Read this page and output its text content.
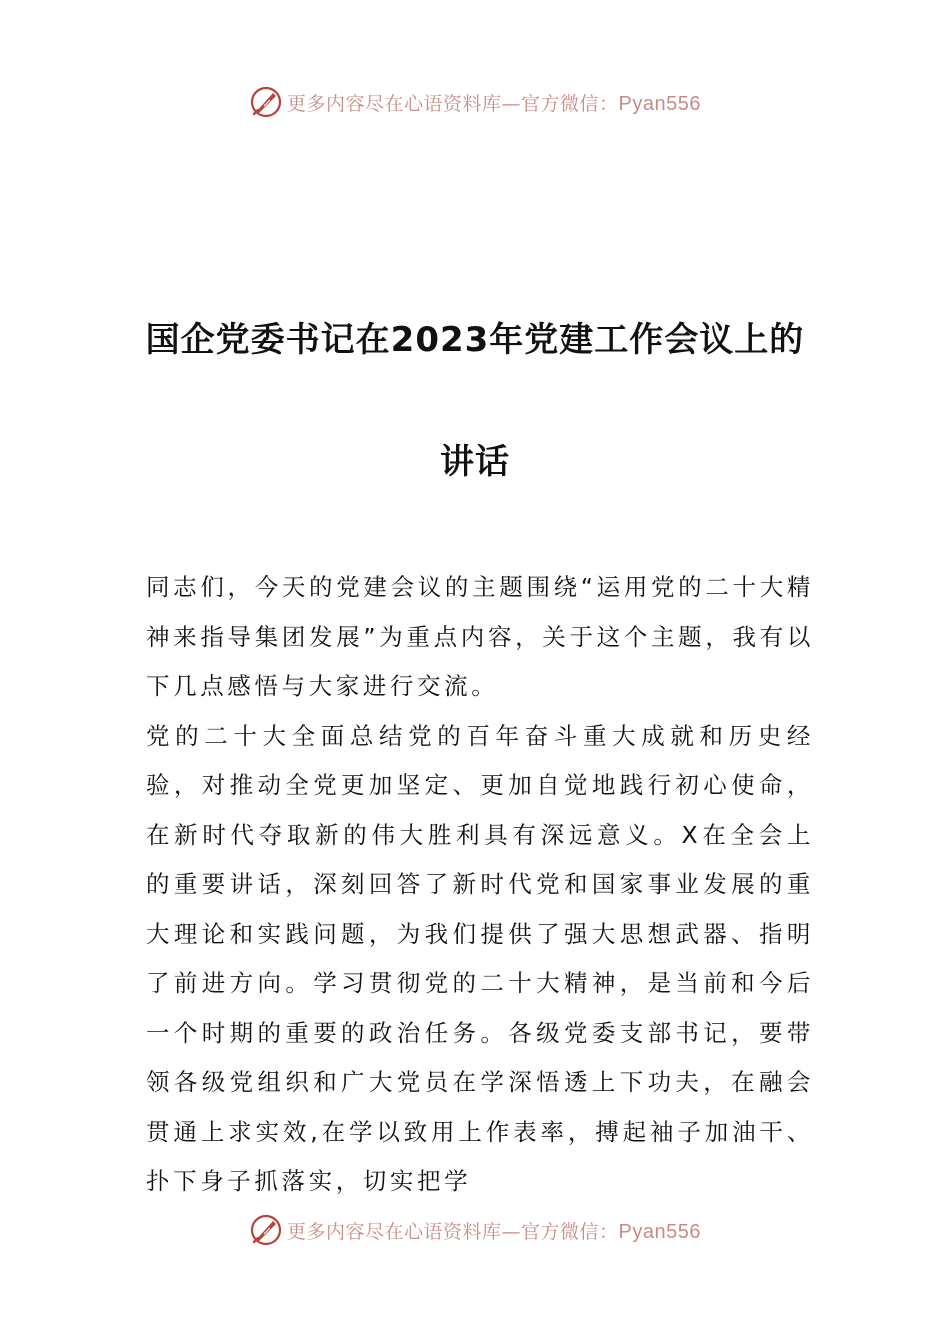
更多内容尽在心语资料库—官方微信：Pyan556
国企党委书记在2023年党建工作会议上的
讲话

同志们，今天的党建会议的主题围绕“运用党的二十大精神来指导集团发展”为重点内容，关于这个主题，我有以下几点感悟与大家进行交流。

党的二十大全面总结党的百年奋斗重大成就和历史经验，对推动全党更加坚定、更加自觉地践行初心使命，在新时代夺取新的伟大胜利具有深远意义。X在全会上的重要讲话，深刻回答了新时代党和国家事业发展的重大理论和实践问题，为我们提供了强大思想武器、指明了前进方向。学习贯彻党的二十大精神，是当前和今后一个时期的重要的政治任务。各级党委支部书记，要带领各级党组织和广大党员在学深悟透上下功夫，在融会贯通上求实效,在学以致用上作表率，搏起袖子加油干、扑下身子抓落实，切实把学

更多内容尽在心语资料库—官方微信：Pyan556
